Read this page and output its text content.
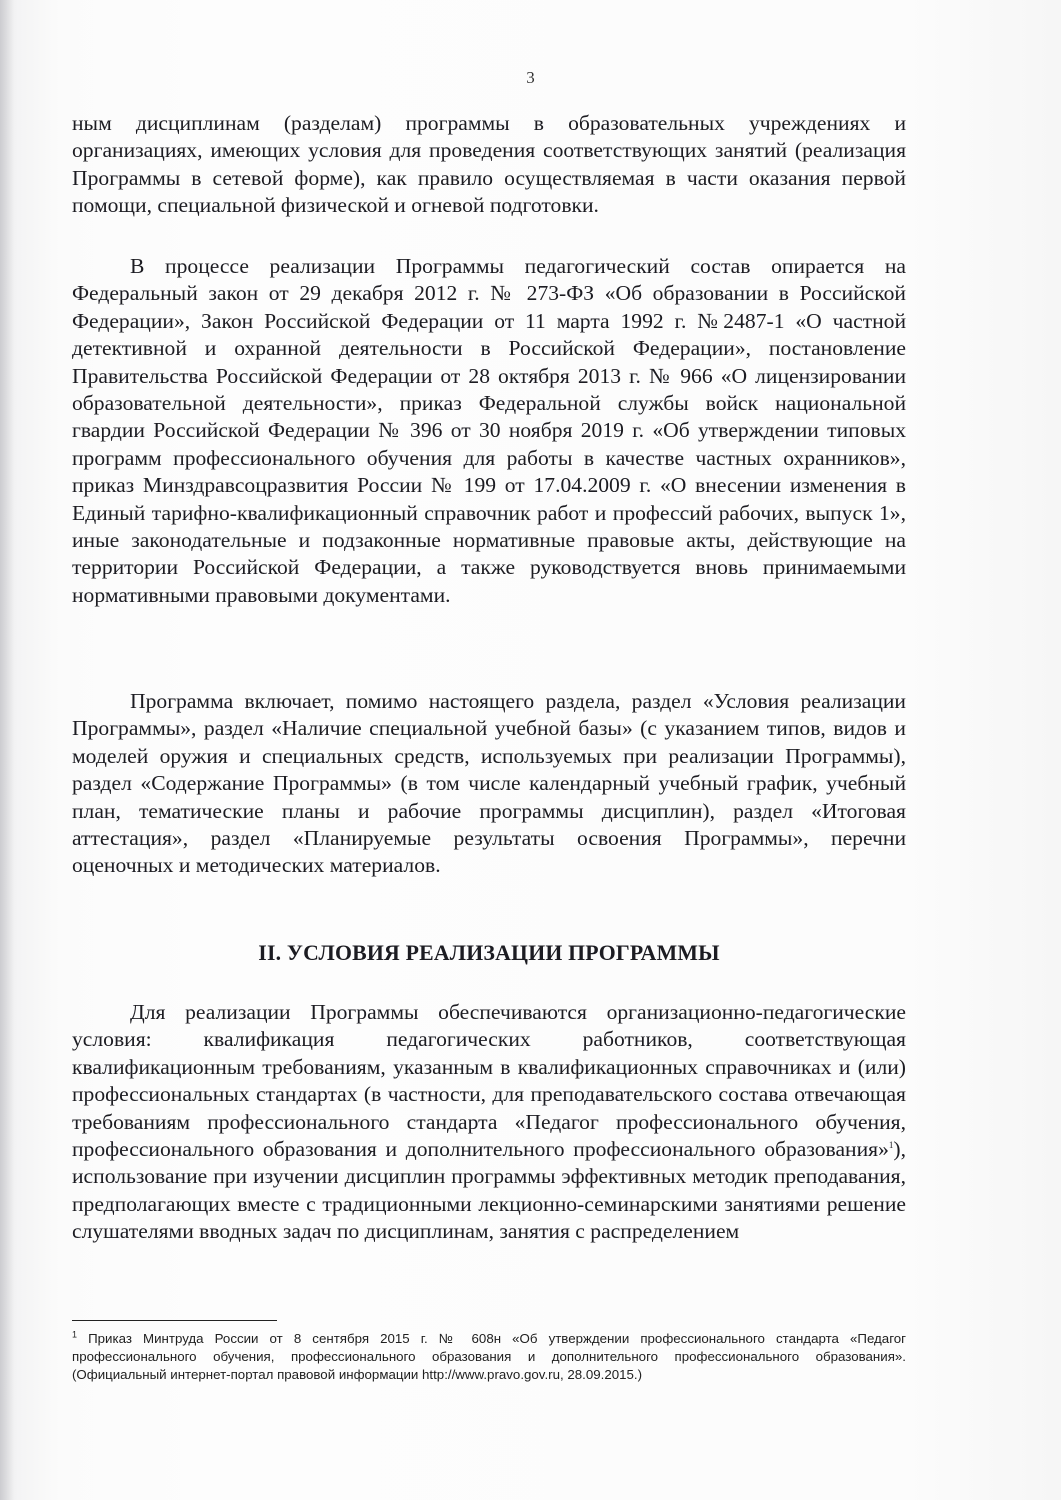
3

ным дисциплинам (разделам) программы в образовательных учреждениях и организациях, имеющих условия для проведения соответствующих занятий (реализация Программы в сетевой форме), как правило осуществляемая в части оказания первой помощи, специальной физической и огневой подготовки.

В процессе реализации Программы педагогический состав опирается на Федеральный закон от 29 декабря 2012 г. № 273-ФЗ «Об образовании в Российской Федерации», Закон Российской Федерации от 11 марта 1992 г. №2487-1 «О частной детективной и охранной деятельности в Российской Федерации», постановление Правительства Российской Федерации от 28 октября 2013 г. № 966 «О лицензировании образовательной деятельности», приказ Федеральной службы войск национальной гвардии Российской Федерации № 396 от 30 ноября 2019 г. «Об утверждении типовых программ профессионального обучения для работы в качестве частных охранников», приказ Минздравсоцразвития России № 199 от 17.04.2009 г. «О внесении изменения в Единый тарифно-квалификационный справочник работ и профессий рабочих, выпуск 1», иные законодательные и подзаконные нормативные правовые акты, действующие на территории Российской Федерации, а также руководствуется вновь принимаемыми нормативными правовыми документами.

Программа включает, помимо настоящего раздела, раздел «Условия реализации Программы», раздел «Наличие специальной учебной базы» (с указанием типов, видов и моделей оружия и специальных средств, используемых при реализации Программы), раздел «Содержание Программы» (в том числе календарный учебный график, учебный план, тематические планы и рабочие программы дисциплин), раздел «Итоговая аттестация», раздел «Планируемые результаты освоения Программы», перечни оценочных и методических материалов.

II. УСЛОВИЯ РЕАЛИЗАЦИИ ПРОГРАММЫ

Для реализации Программы обеспечиваются организационно-педагогические условия: квалификация педагогических работников, соответствующая квалификационным требованиям, указанным в квалификационных справочниках и (или) профессиональных стандартах (в частности, для преподавательского состава отвечающая требованиям профессионального стандарта «Педагог профессионального обучения, профессионального образования и дополнительного профессионального образования»$^1$), использование при изучении дисциплин программы эффективных методик преподавания, предполагающих вместе с традиционными лекционно-семинарскими занятиями решение слушателями вводных задач по дисциплинам, занятия с распределением

$^1$ Приказ Минтруда России от 8 сентября 2015 г. № 608н «Об утверждении профессионального стандарта «Педагог профессионального обучения, профессионального образования и дополнительного профессионального образования». (Официальный интернет-портал правовой информации http://www.pravo.gov.ru, 28.09.2015.)
